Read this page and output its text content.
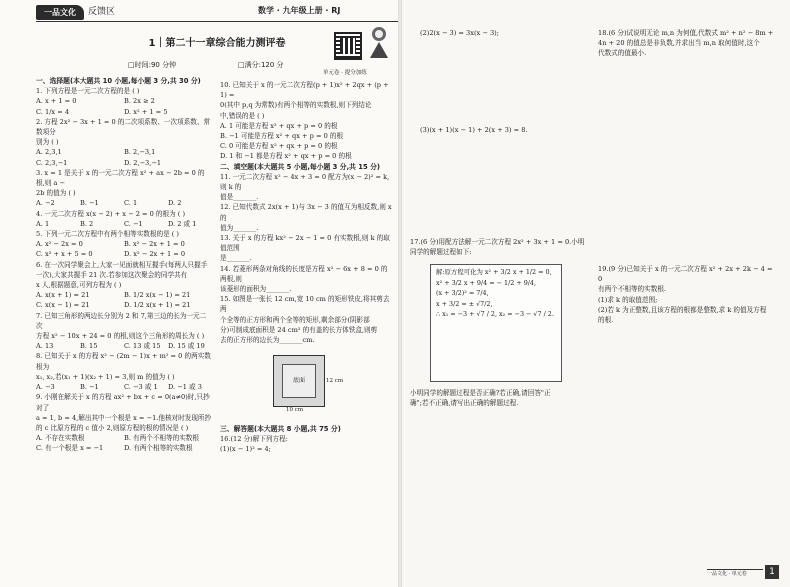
一品文化	反馈区	数学 · 九年级上册 · RJ
1｜第二十一章综合能力测评卷
□时间:90 分钟	□满分:120 分
单元卷 · 提分加练

一、选择题(本大题共 10 小题,每小题 3 分,共 30 分)

1. 下列方程是一元二次方程的是 ( )

A. x + 1 = 0	B. 2x ≥ 2
C. 1/x = 4	D. x² + 1 = 5

2. 方程 2x² − 3x + 1 = 0 的二次项系数、一次项系数、常数项分

别为 ( )

A. 2,3,1	B. 2,−3,1
C. 2,3,−1	D. 2,−3,−1

3. x = 1 是关于 x 的一元二次方程 x² + ax − 2b = 0 的根,则 a −

2b 的值为 ( )

A. −2	B. −1	C. 1	D. 2

4. 一元二次方程 x(x − 2) + x − 2 = 0 的根为 ( )

A. 1	B. 2	C. −1	D. 2 或 1

5. 下列一元二次方程中有两个相等实数根的是 ( )

A. x² − 2x = 0	B. x² − 2x + 1 = 0
C. x² + x + 5 = 0	D. x² − 2x + 1 = 0

6. 在一次同学聚会上,大家一见面就相互握手(每两人只握手

一次),大家共握手 21 次.若参加这次聚会的同学共有

x 人,根据题意,可列方程为 ( )

A. x(x + 1) = 21	B. 1/2 x(x − 1) = 21
C. x(x − 1) = 21	D. 1/2 x(x + 1) = 21

7. 已知三角形的两边长分别为 2 和 7,第三边的长为一元二次

方程 x² − 10x + 24 = 0 的根,则这个三角形的周长为 ( )

A. 13	B. 15	C. 13 或 15	D. 15 或 19

8. 已知关于 x 的方程 x² − (2m − 1)x + m² = 0 的两实数根为

x₁, x₂,若(x₁ + 1)(x₂ + 1) = 3,则 m 的值为 ( )

A. −3	B. −1	C. −3 或 1	D. −1 或 3

9. 小刚在解关于 x 的方程 ax² + bx + c = 0(a≠0)时,只抄对了

a = 1, b = 4,解出其中一个根是 x = −1.他核对时发现所抄

的 c 比原方程的 c 值小 2,则原方程的根的情况是 ( )

A. 不存在实数根	B. 有两个不相等的实数根
C. 有一个根是 x = −1	D. 有两个相等的实数根

10. 已知关于 x 的一元二次方程(p + 1)x² + 2qx + (p + 1) =

0(其中 p,q 为常数)有两个相等的实数根,则下列结论

中,错误的是 ( )

A. 1 可能是方程 x² + qx + p = 0 的根

B. −1 可能是方程 x² + qx + p = 0 的根

C. 0 可能是方程 x² + qx + p = 0 的根

D. 1 和 −1 都是方程 x² + qx + p = 0 的根

二、填空题(本大题共 5 小题,每小题 3 分,共 15 分)

11. 一元二次方程 x² − 4x + 3 = 0 配方为(x − 2)² = k,则 k 的

值是_______.

12. 已知代数式 2x(x + 1)与 3x − 3 的值互为相反数,则 x 的

值为_______.

13. 关于 x 的方程 kx² − 2x − 1 = 0 有实数根,则 k 的取值范围

是_______.

14. 若菱形两条对角线的长度是方程 x² − 6x + 8 = 0 的两根,则

该菱形的面积为_______.

15. 如图是一张长 12 cm,宽 10 cm 的矩形铁皮,将其剪去两

个全等的正方形和两个全等的矩形,剩余部分(阴影部

分)可制成底面积是 24 cm² 的有盖的长方体铁盒,则剪

去的正方形的边长为_______cm.

底面
10 cm
12 cm

三、解答题(本大题共 8 小题,共 75 分)

16.(12 分)解下列方程:

(1)(x − 1)² = 4;

(2)2(x − 3) = 3x(x − 3);

(3)(x + 1)(x − 1) + 2(x + 3) = 8.

17.(6 分)用配方法解一元二次方程 2x² + 3x + 1 = 0.小明

同学的解题过程如下:

解:原方程可化为 x² + 3/2 x + 1/2 = 0,

x² + 3/2 x + 9/4 = − 1/2 + 9/4,

(x + 3/2)² = 7/4,

x + 3/2 = ± √7/2,

∴ x₁ = −3 + √7 / 2, x₂ = −3 − √7 / 2.

小明同学的解题过程是否正确?若正确,请回答"正

确";若不正确,请写出正确的解题过程.

18.(6 分)试说明无论 m,n 为何值,代数式 m² + n² − 8m +

4n + 20 的值总是非负数,并求出当 m,n 取何值时,这个

代数式的值最小.

19.(9 分)已知关于 x 的一元二次方程 x² + 2x + 2k − 4 = 0

有两个不相等的实数根.

(1)求 k 的取值范围;

(2)若 k 为正整数,且该方程的根都是整数,求 k 的值及方程

的根.

一品文化 · 单元卷	1
